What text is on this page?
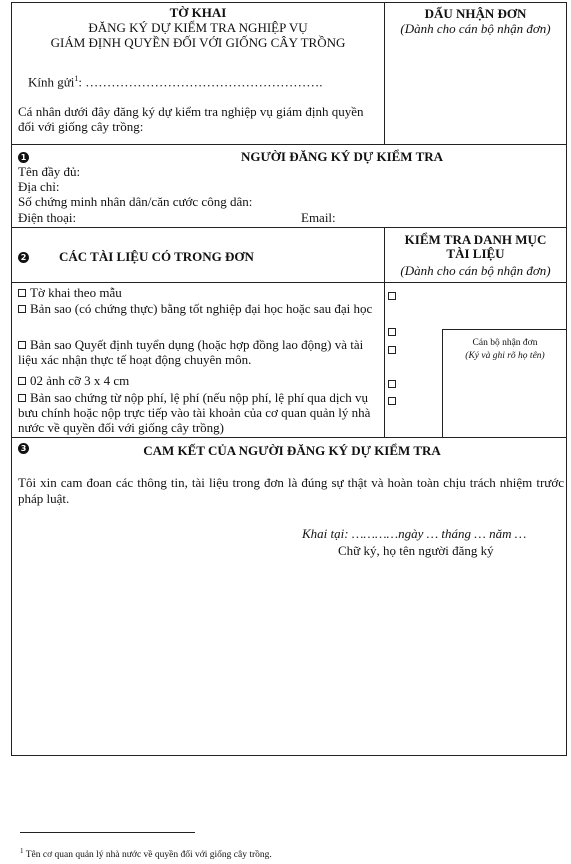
TỜ KHAI
ĐĂNG KÝ DỰ KIỂM TRA NGHIỆP VỤ
GIÁM ĐỊNH QUYỀN ĐỐI VỚI GIỐNG CÂY TRỒNG
Kính gửi$^1$: ……………………………………………….
Cá nhân dưới đây đăng ký dự kiểm tra nghiệp vụ giám định quyền đối với giống cây trồng:
DẤU NHẬN ĐƠN
(Dành cho cán bộ nhận đơn)
1	NGƯỜI ĐĂNG KÝ DỰ KIỂM TRA
Tên đầy đủ:
Địa chỉ:
Số chứng minh nhân dân/căn cước công dân:
Điện thoại:	Email:
2	CÁC TÀI LIỆU CÓ TRONG ĐƠN
KIỂM TRA DANH MỤC
TÀI LIỆU
(Dành cho cán bộ nhận đơn)
Tờ khai theo mẫu
Bản sao (có chứng thực) bằng tốt nghiệp đại học hoặc sau đại học
Bản sao Quyết định tuyển dụng (hoặc hợp đồng lao động) và tài liệu xác nhận thực tế hoạt động chuyên môn.
02 ảnh cỡ 3 x 4 cm
Bản sao chứng từ nộp phí, lệ phí (nếu nộp phí, lệ phí qua dịch vụ bưu chính hoặc nộp trực tiếp vào tài khoản của cơ quan quản lý nhà nước về quyền đối với giống cây trồng)
Cán bộ nhận đơn
(Ký và ghi rõ họ tên)
3	CAM KẾT CỦA NGƯỜI ĐĂNG KÝ DỰ KIỂM TRA
Tôi xin cam đoan các thông tin, tài liệu trong đơn là đúng sự thật và hoàn toàn chịu trách nhiệm trước pháp luật.
Khai tại: …………ngày … tháng … năm …
Chữ ký, họ tên người đăng ký
$^1$ Tên cơ quan quản lý nhà nước về quyền đối với giống cây trồng.
